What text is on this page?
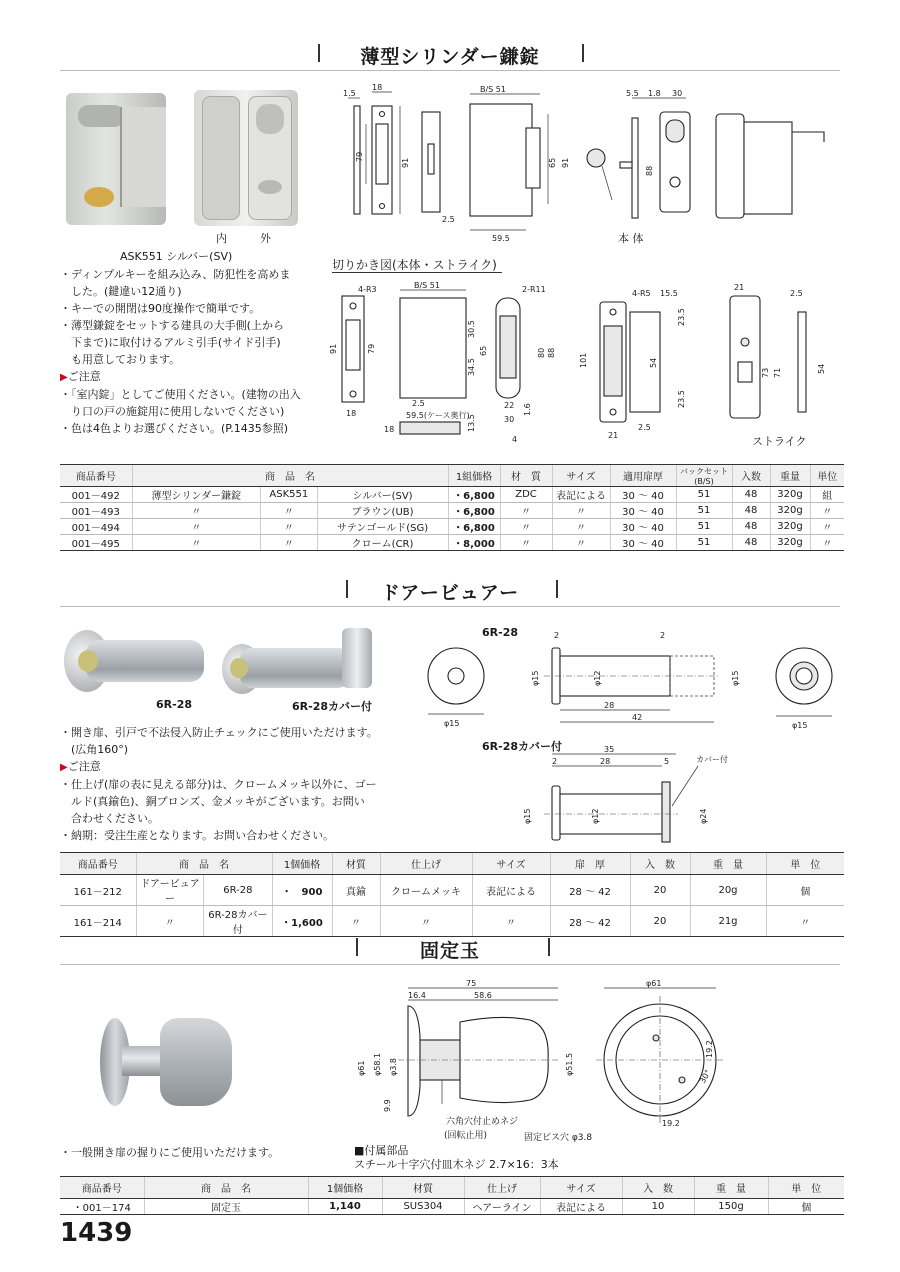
薄型シリンダー鎌錠
内	外
ASK551 シルバー(SV)
1.5
18
79
91
B/S 51
65 91
59.5
2.5
5.5 1.8 30
88
本 体
切りかき図(本体・ストライク)
4-R3
91	79
18
B/S 51
30.5
34.5
65
2.5
59.5(ケース奥行)
18	13.5
2-R11
80 88
22
30
1.6
4
4-R5 15.5
23.5
54
23.5
101
21
2.5
21
2.5
73 71	54
ストライク
・ディンプルキーを組み込み、防犯性を高めま
　した。(鍵違い12通り)
・キーでの開閉は90度操作で簡単です。
・薄型鎌錠をセットする建具の大手側(上から
　下まで)に取付けるアルミ引手(サイド引手)
　も用意しております。
▶ご注意
・「室内錠」としてご使用ください。(建物の出入
　り口の戸の施錠用に使用しないでください)
・色は4色よりお選びください。(P.1435参照)
商品番号	商　品　名			1組価格	材　質	サイズ	適用扉厚	バックセット(B/S)	入数	重量	単位
001－492	薄型シリンダー鎌錠	ASK551	シルバー(SV)	・6,800	ZDC	表記による	30 ～ 40	51	48	320g	組
001－493	〃	〃	ブラウン(UB)	・6,800	〃	〃	30 ～ 40	51	48	320g	〃
001－494	〃	〃	サテンゴールド(SG)	・6,800	〃	〃	30 ～ 40	51	48	320g	〃
001－495	〃	〃	クローム(CR)	・8,000	〃	〃	30 ～ 40	51	48	320g	〃
ドアービュアー
6R-28	6R-28カバー付
6R-28
φ15
φ15	φ12	φ15
2	2
28
42
φ15
6R-28カバー付	35
2	28	5
φ15	φ12	φ24
カバー付
・開き扉、引戸で不法侵入防止チェックにご使用いただけます。
　(広角160°)
▶ご注意
・仕上げ(扉の表に見える部分)は、クロームメッキ以外に、ゴー
　ルド(真鍮色)、銅ブロンズ、金メッキがございます。お問い
　合わせください。
・納期：受注生産となります。お問い合わせください。
商品番号	商　品　名		1個価格	材質	仕上げ	サイズ	扉　厚	入　数	重　量	単　位
161－212	ドアービュアー	6R-28	・　900	真鍮	クロームメッキ	表記による	28 ～ 42	20	20g	個
161－214	〃	6R-28カバー付	・1,600	〃	〃	〃	28 ～ 42	20	21g	〃
固定玉
75
16.4	58.6
φ61 φ58.1 φ3.8	φ51.5
9.9
六角穴付止めネジ
(回転止用)	固定ビス穴 φ3.8
φ61
19.2
30°
19.2
■付属部品
スチール十字穴付皿木ネジ 2.7×16：3本
・一般開き扉の握りにご使用いただけます。
商品番号	商　品　名	1個価格	材質	仕上げ	サイズ	入　数	重　量	単　位
・001－174	固定玉	1,140	SUS304	ヘアーライン	表記による	10	150g	個
1439
